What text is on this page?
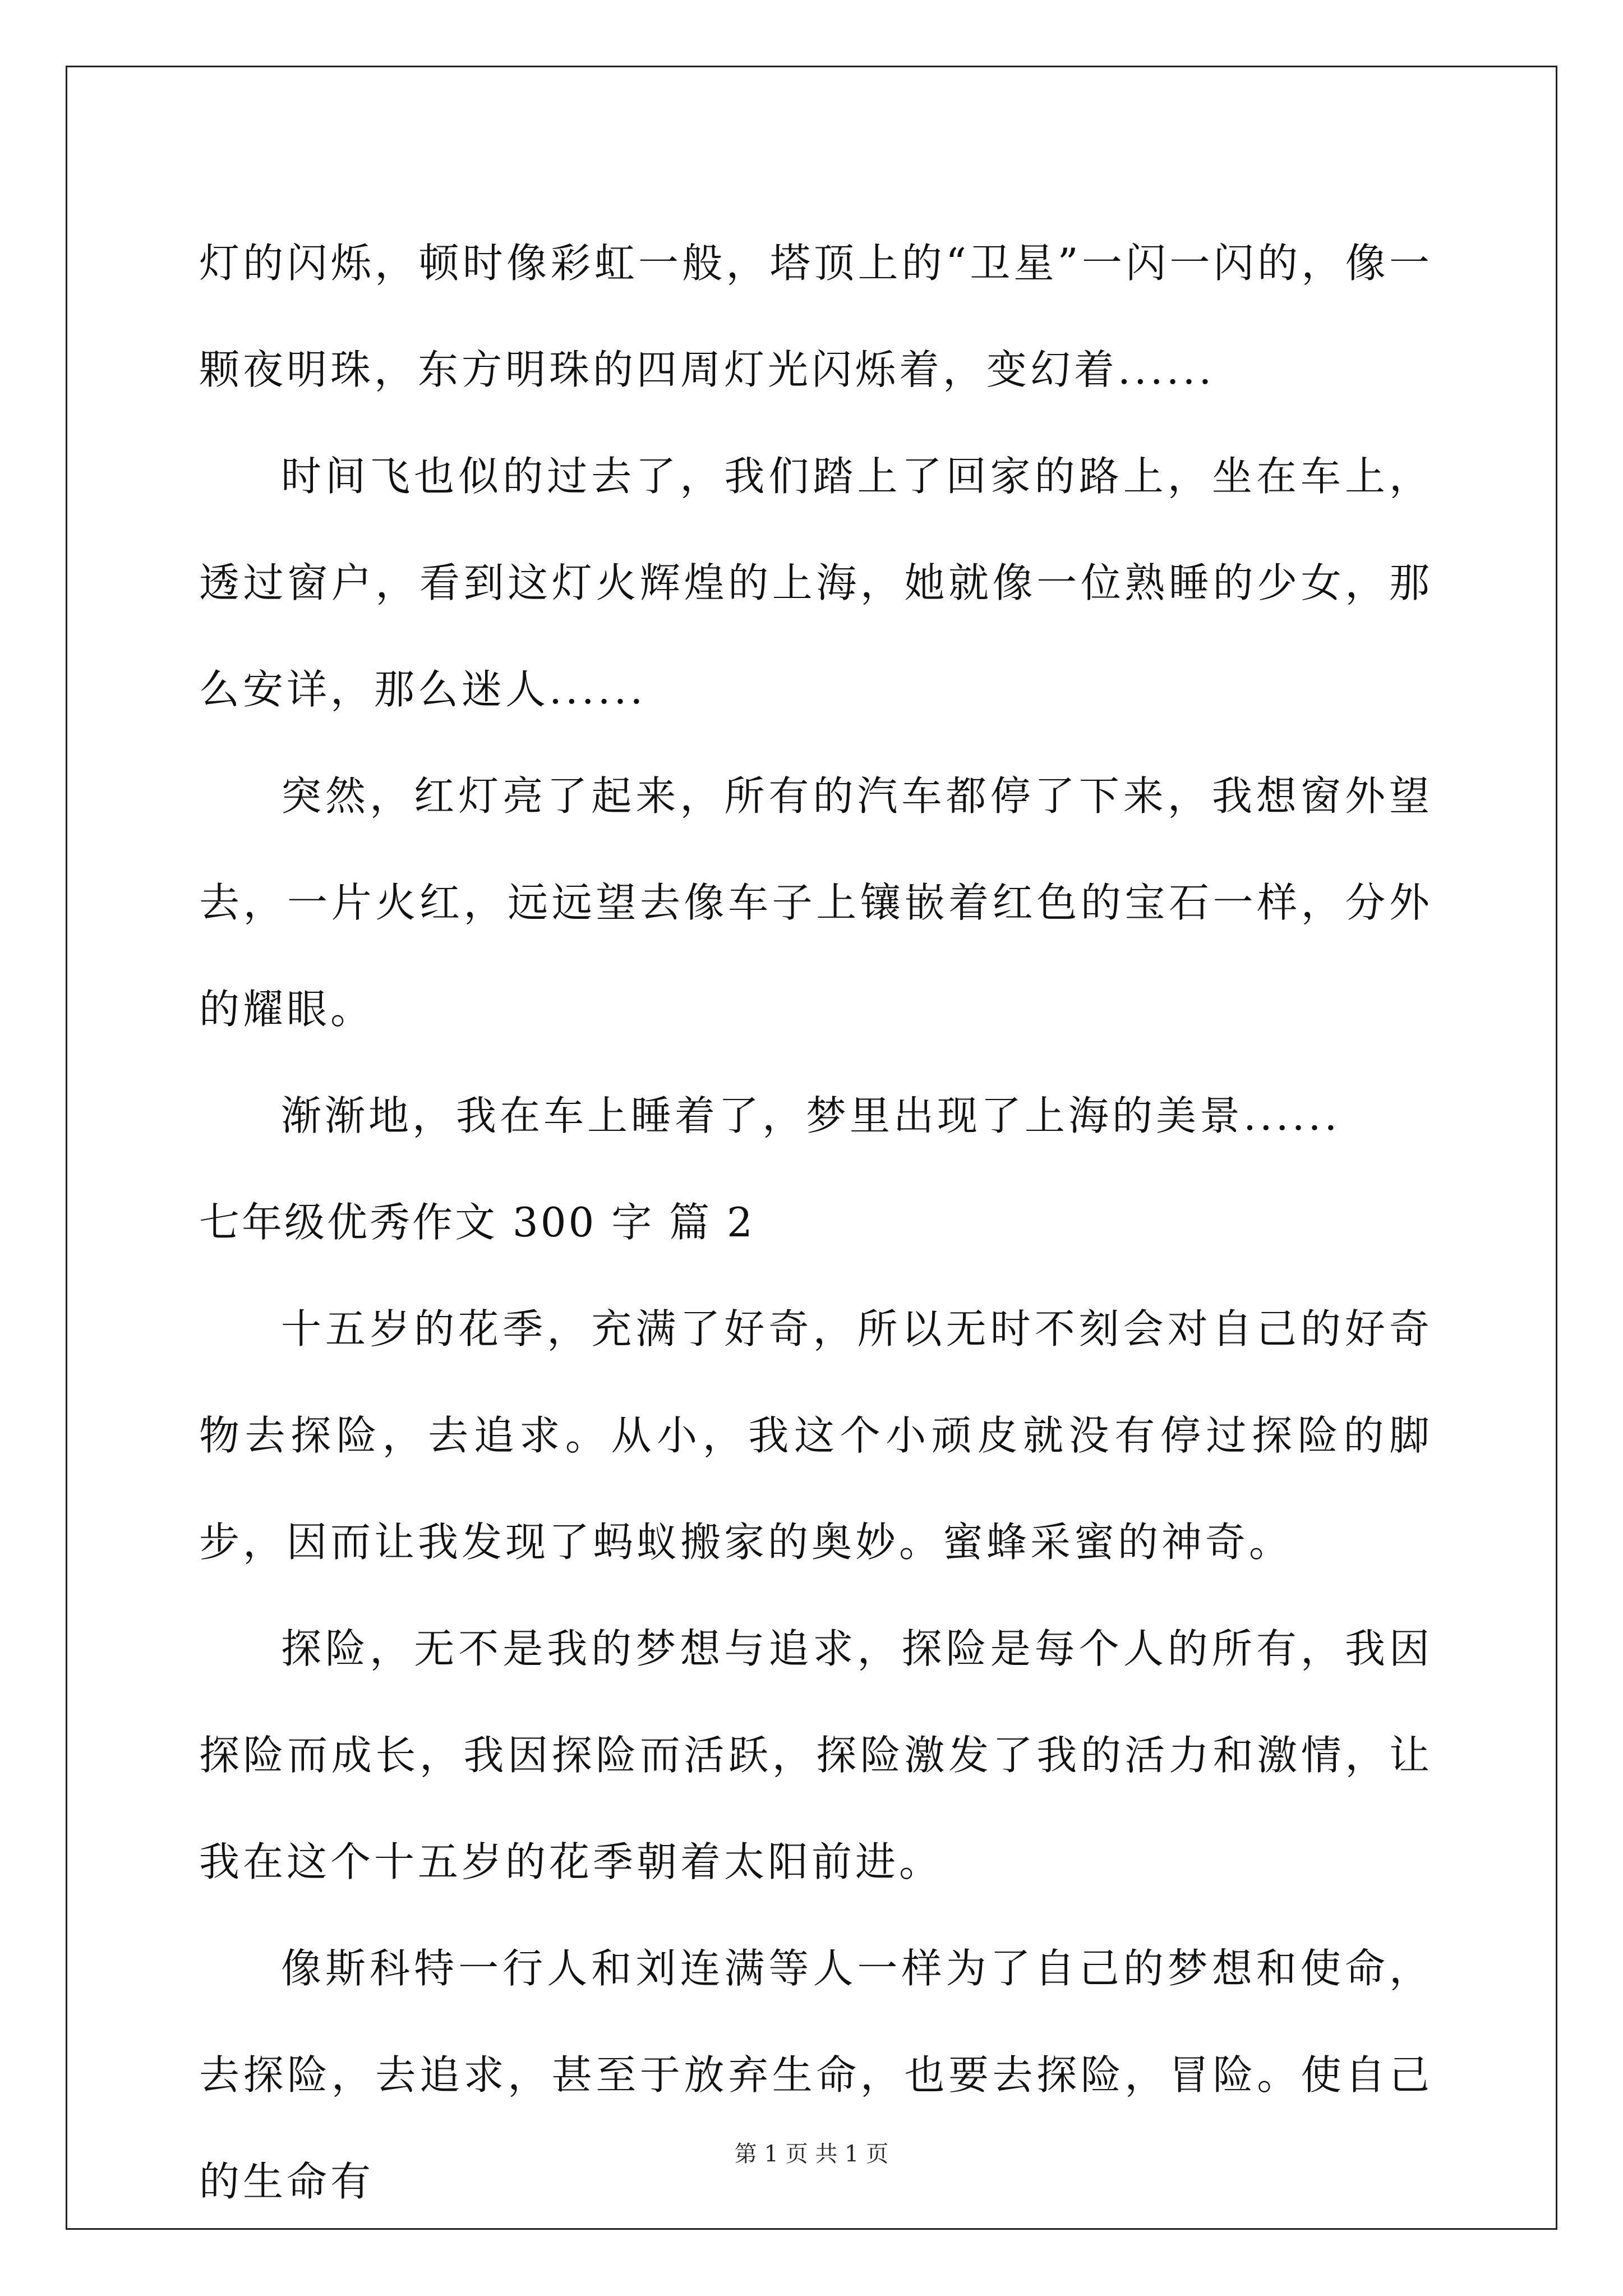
灯的闪烁，顿时像彩虹一般，塔顶上的“卫星”一闪一闪的，像一颗夜明珠，东方明珠的四周灯光闪烁着，变幻着......

时间飞也似的过去了，我们踏上了回家的路上，坐在车上，透过窗户，看到这灯火辉煌的上海，她就像一位熟睡的少女，那么安详，那么迷人......

突然，红灯亮了起来，所有的汽车都停了下来，我想窗外望去，一片火红，远远望去像车子上镶嵌着红色的宝石一样，分外的耀眼。

渐渐地，我在车上睡着了，梦里出现了上海的美景......

七年级优秀作文 300 字 篇 2

十五岁的花季，充满了好奇，所以无时不刻会对自己的好奇物去探险，去追求。从小，我这个小顽皮就没有停过探险的脚步，因而让我发现了蚂蚁搬家的奥妙。蜜蜂采蜜的神奇。

探险，无不是我的梦想与追求，探险是每个人的所有，我因探险而成长，我因探险而活跃，探险激发了我的活力和激情，让我在这个十五岁的花季朝着太阳前进。

像斯科特一行人和刘连满等人一样为了自己的梦想和使命，去探险，去追求，甚至于放弃生命，也要去探险，冒险。使自己的生命有

第 1 页 共 1 页
